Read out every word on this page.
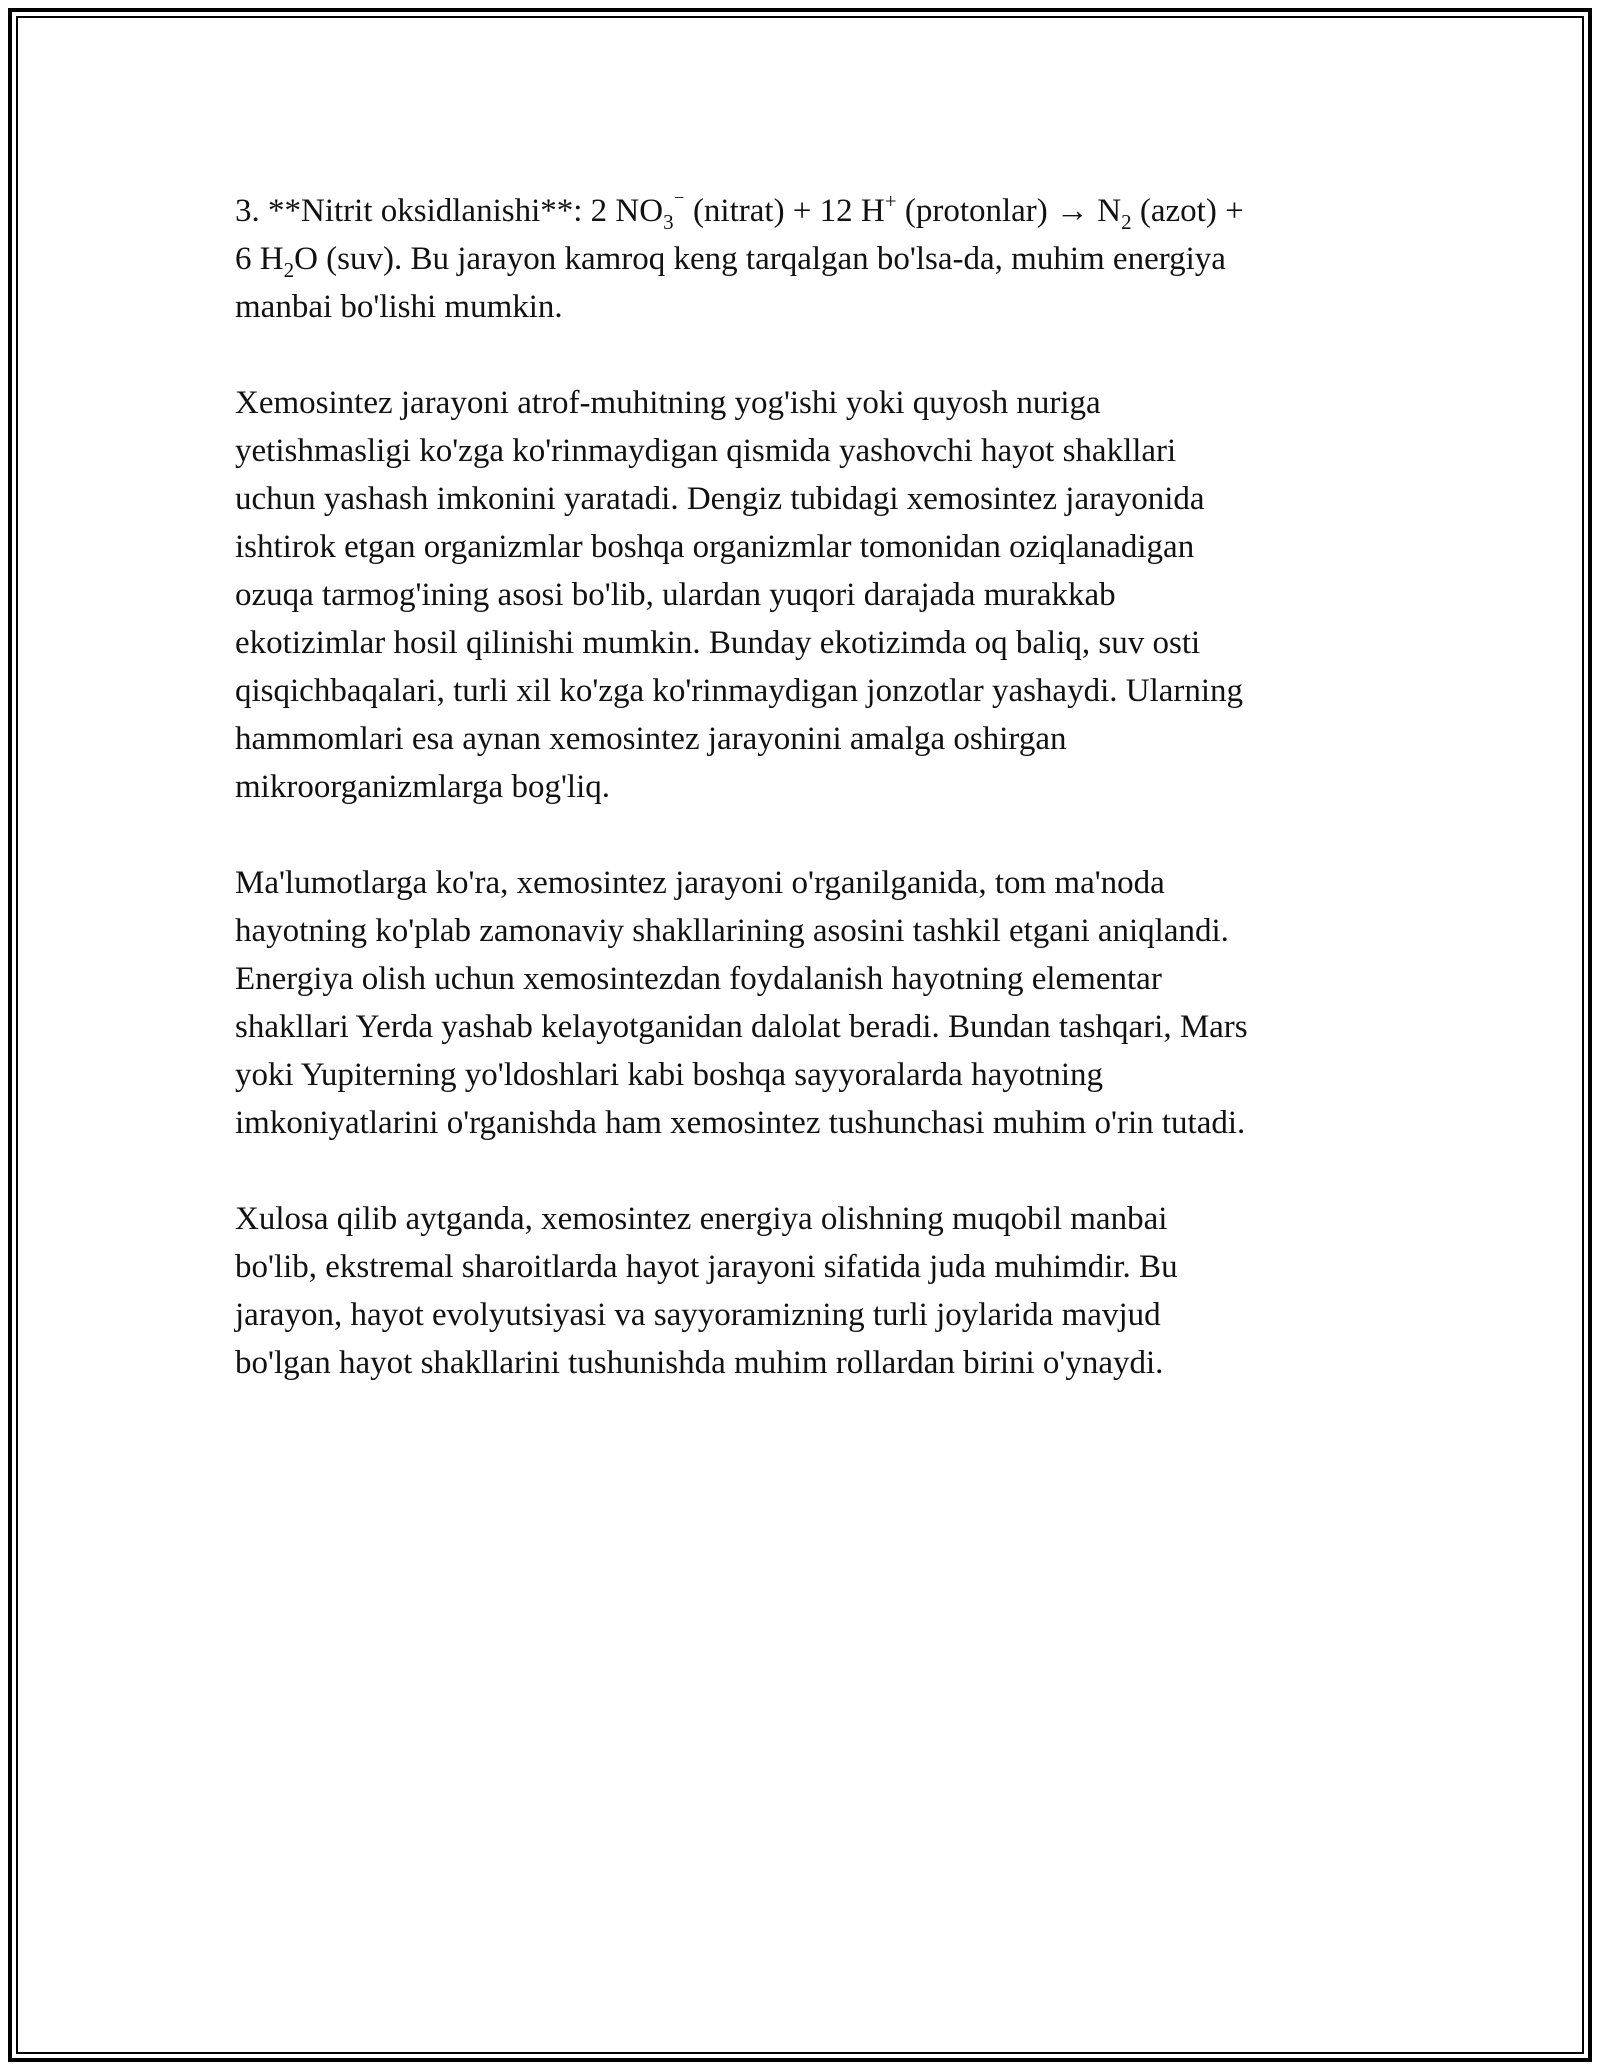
3. **Nitrit oksidlanishi**: 2 $NO_3^{^-}$ (nitrat) + 12 H+ (protonlar) → $N_2$ (azot) +
6 $H_2O$ (suv). Bu jarayon kamroq keng tarqalgan bo'lsa-da, muhim energiya
manbai bo'lishi mumkin.

Xemosintez jarayoni atrof-muhitning yog'ishi yoki quyosh nuriga
yetishmasligi ko'zga ko'rinmaydigan qismida yashovchi hayot shakllari
uchun yashash imkonini yaratadi. Dengiz tubidagi xemosintez jarayonida
ishtirok etgan organizmlar boshqa organizmlar tomonidan oziqlanadigan
ozuqa tarmog'ining asosi bo'lib, ulardan yuqori darajada murakkab
ekotizimlar hosil qilinishi mumkin. Bunday ekotizimda oq baliq, suv osti
qisqichbaqalari, turli xil ko'zga ko'rinmaydigan jonzotlar yashaydi. Ularning
hammomlari esa aynan xemosintez jarayonini amalga oshirgan
mikroorganizmlarga bog'liq.

Ma'lumotlarga ko'ra, xemosintez jarayoni o'rganilganida, tom ma'noda
hayotning ko'plab zamonaviy shakllarining asosini tashkil etgani aniqlandi.
Energiya olish uchun xemosintezdan foydalanish hayotning elementar
shakllari Yerda yashab kelayotganidan dalolat beradi. Bundan tashqari, Mars
yoki Yupiterning yo'ldoshlari kabi boshqa sayyoralarda hayotning
imkoniyatlarini o'rganishda ham xemosintez tushunchasi muhim o'rin tutadi.

Xulosa qilib aytganda, xemosintez energiya olishning muqobil manbai
bo'lib, ekstremal sharoitlarda hayot jarayoni sifatida juda muhimdir. Bu
jarayon, hayot evolyutsiyasi va sayyoramizning turli joylarida mavjud
bo'lgan hayot shakllarini tushunishda muhim rollardan birini o'ynaydi.
